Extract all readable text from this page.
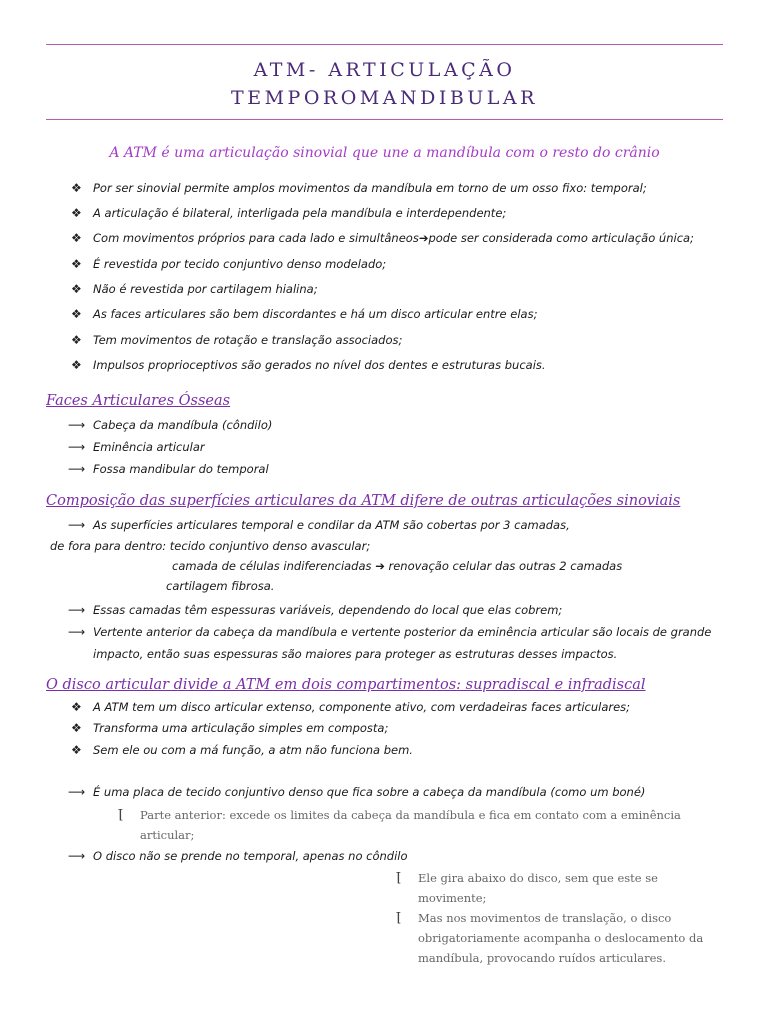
ATM- ARTICULAÇÃO
TEMPOROMANDIBULAR
A ATM é uma articulação sinovial que une a mandíbula com o resto do crânio
❖ Por ser sinovial permite amplos movimentos da mandíbula em torno de um osso fixo: temporal;
❖ A articulação é bilateral, interligada pela mandíbula e interdependente;
❖ Com movimentos próprios para cada lado e simultâneos ➔ pode ser considerada como articulação única;
❖ É revestida por tecido conjuntivo denso modelado;
❖ Não é revestida por cartilagem hialina;
❖ As faces articulares são bem discordantes e há um disco articular entre elas;
❖ Tem movimentos de rotação e translação associados;
❖ Impulsos proprioceptivos são gerados no nível dos dentes e estruturas bucais.
Faces Articulares Ósseas
⟶ Cabeça da mandíbula (côndilo)
⟶ Eminência articular
⟶ Fossa mandibular do temporal
Composição das superfícies articulares da ATM difere de outras articulações sinoviais
⟶ As superfícies articulares temporal e condilar da ATM são cobertas por 3 camadas,
de fora para dentro: tecido conjuntivo denso avascular;
camada de células indiferenciadas ➔ renovação celular das outras 2 camadas
cartilagem fibrosa.
⟶ Essas camadas têm espessuras variáveis, dependendo do local que elas cobrem;
⟶ Vertente anterior da cabeça da mandíbula e vertente posterior da eminência articular são locais de grande
impacto, então suas espessuras são maiores para proteger as estruturas desses impactos.
O disco articular divide a ATM em dois compartimentos: supradiscal e infradiscal
❖ A ATM tem um disco articular extenso, componente ativo, com verdadeiras faces articulares;
❖ Transforma uma articulação simples em composta;
❖ Sem ele ou com a má função, a atm não funciona bem.
⟶ É uma placa de tecido conjuntivo denso que fica sobre a cabeça da mandíbula (como um boné)
ꞁ Parte anterior: excede os limites da cabeça da mandíbula e fica em contato com a eminência
articular;
⟶ O disco não se prende no temporal, apenas no côndilo
ꞁ Ele gira abaixo do disco, sem que este se
movimente;
ꞁ Mas nos movimentos de translação, o disco
obrigatoriamente acompanha o deslocamento da
mandíbula, provocando ruídos articulares.
